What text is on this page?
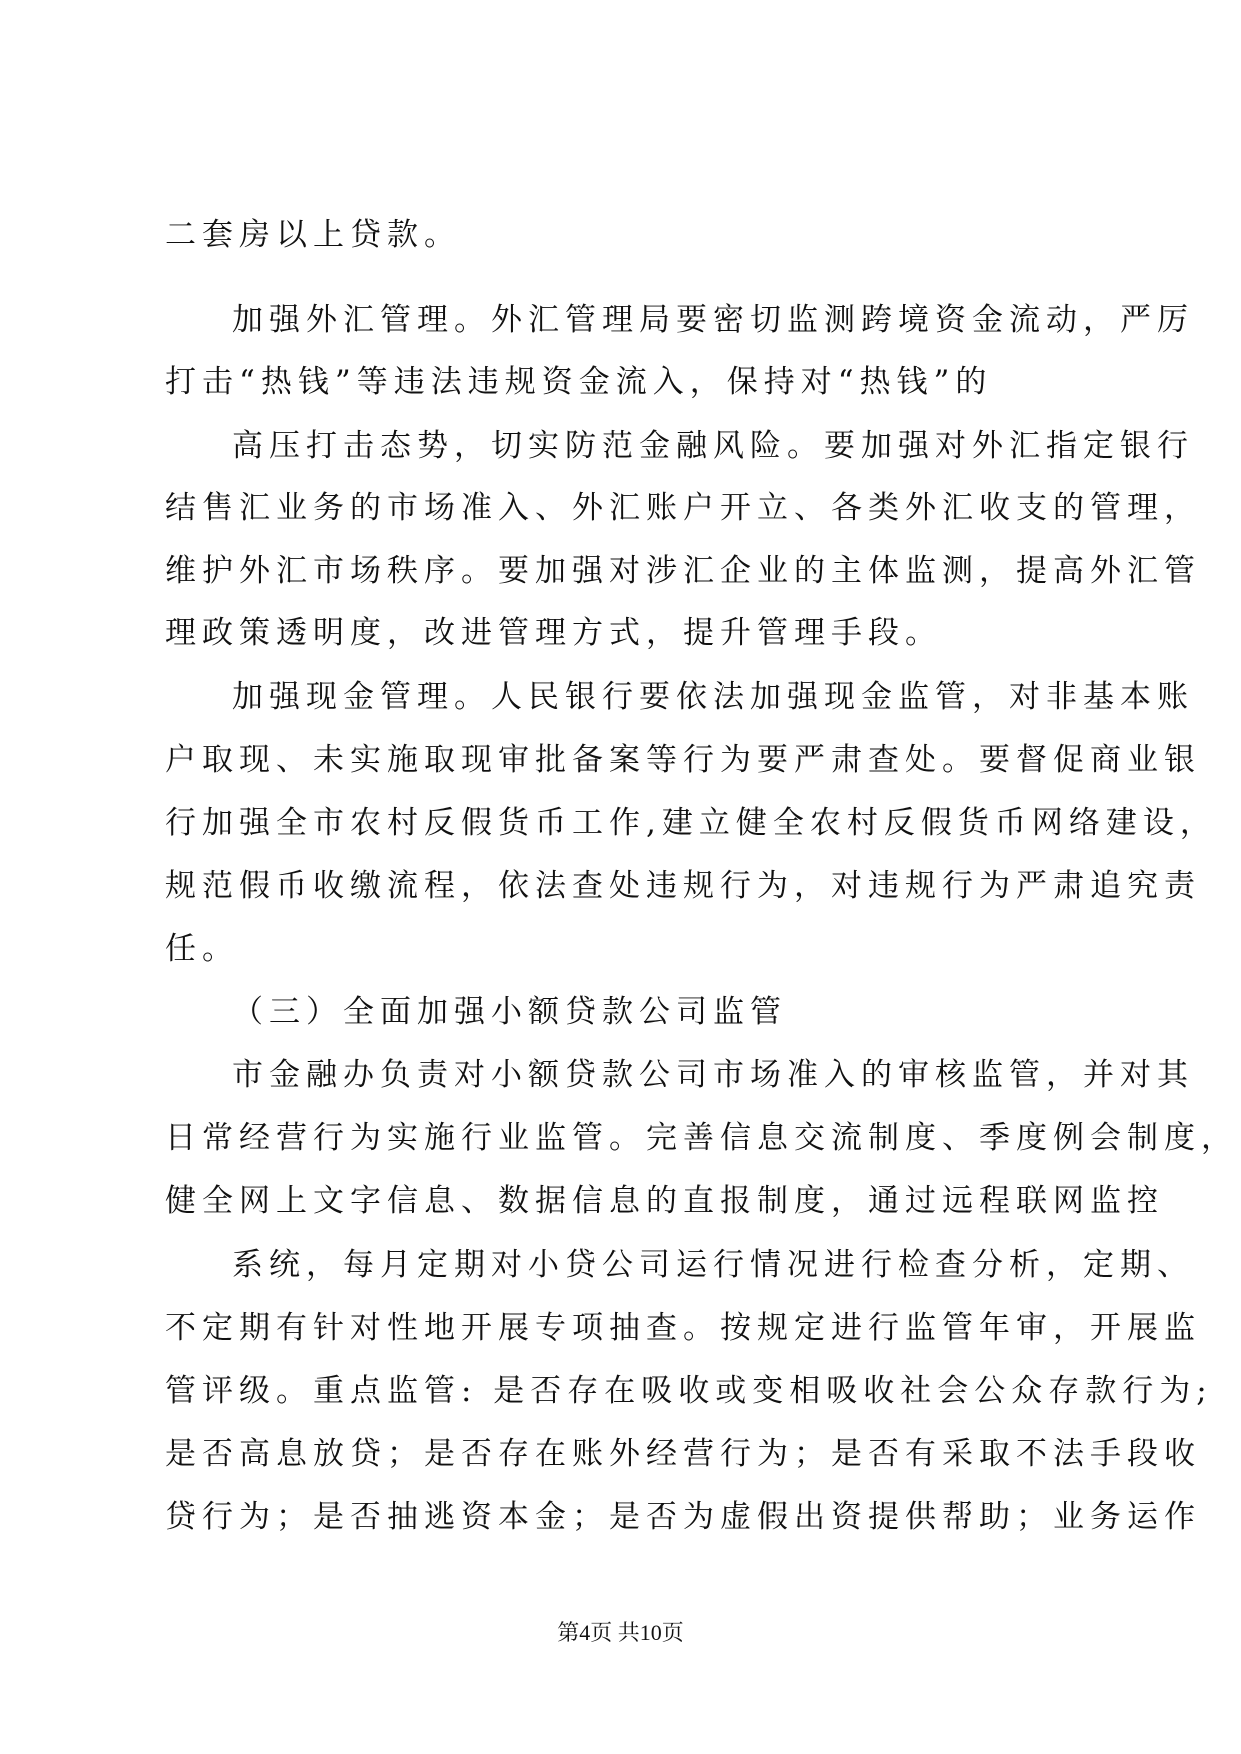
二套房以上贷款。
加强外汇管理。外汇管理局要密切监测跨境资金流动，严厉
打击“热钱”等违法违规资金流入，保持对“热钱”的
高压打击态势，切实防范金融风险。要加强对外汇指定银行
结售汇业务的市场准入、外汇账户开立、各类外汇收支的管理，
维护外汇市场秩序。要加强对涉汇企业的主体监测，提高外汇管
理政策透明度，改进管理方式，提升管理手段。
加强现金管理。人民银行要依法加强现金监管，对非基本账
户取现、未实施取现审批备案等行为要严肃查处。要督促商业银
行加强全市农村反假货币工作,建立健全农村反假货币网络建设，
规范假币收缴流程，依法查处违规行为，对违规行为严肃追究责
任。
（三）全面加强小额贷款公司监管
市金融办负责对小额贷款公司市场准入的审核监管，并对其
日常经营行为实施行业监管。完善信息交流制度、季度例会制度，
健全网上文字信息、数据信息的直报制度，通过远程联网监控
系统，每月定期对小贷公司运行情况进行检查分析，定期、
不定期有针对性地开展专项抽查。按规定进行监管年审，开展监
管评级。重点监管: 是否存在吸收或变相吸收社会公众存款行为;
是否高息放贷；是否存在账外经营行为；是否有采取不法手段收
贷行为；是否抽逃资本金；是否为虚假出资提供帮助；业务运作
第4页 共10页
